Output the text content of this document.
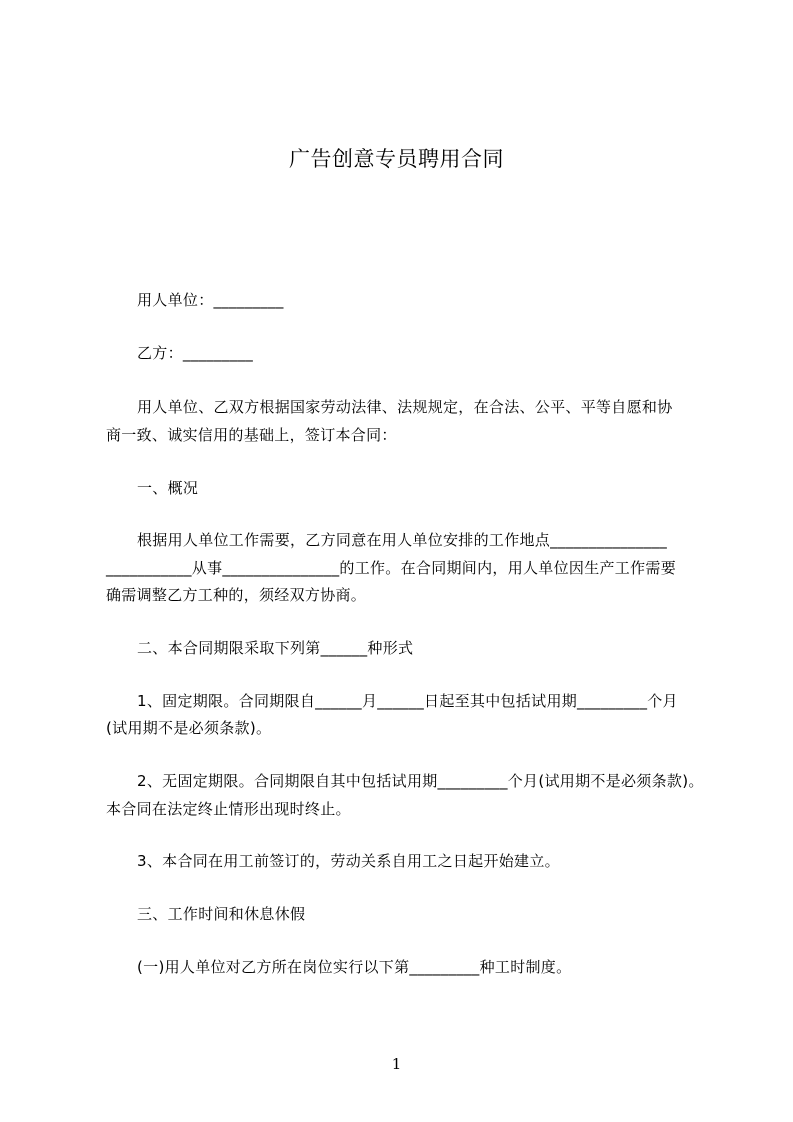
广告创意专员聘用合同
用人单位：_________
乙方：_________
用人单位、乙双方根据国家劳动法律、法规规定，在合法、公平、平等自愿和协
商一致、诚实信用的基础上，签订本合同：
一、概况
根据用人单位工作需要，乙方同意在用人单位安排的工作地点_______________
___________从事_______________的工作。在合同期间内，用人单位因生产工作需要
确需调整乙方工种的，须经双方协商。
二、本合同期限采取下列第______种形式
1、固定期限。合同期限自______月______日起至其中包括试用期_________个月
(试用期不是必须条款)。
2、无固定期限。合同期限自其中包括试用期_________个月(试用期不是必须条款)。
本合同在法定终止情形出现时终止。
3、本合同在用工前签订的，劳动关系自用工之日起开始建立。
三、工作时间和休息休假
(一)用人单位对乙方所在岗位实行以下第_________种工时制度。
1
